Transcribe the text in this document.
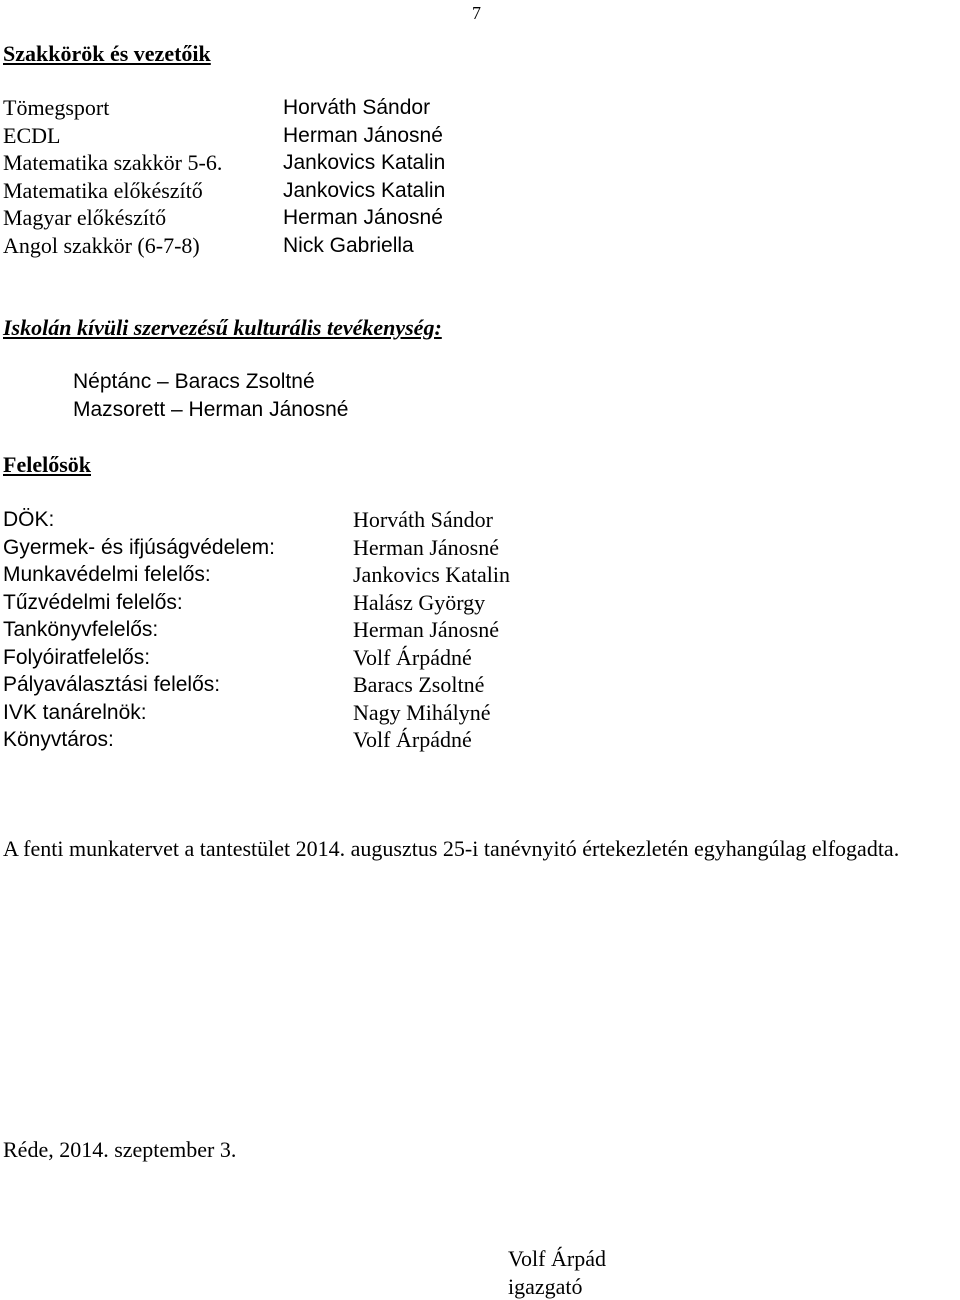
7
Szakkörök és vezetőik
Tömegsport
ECDL
Matematika szakkör 5-6.
Matematika előkészítő
Magyar előkészítő
Angol szakkör (6-7-8)
Horváth Sándor
Herman Jánosné
Jankovics Katalin
Jankovics Katalin
Herman Jánosné
Nick Gabriella
Iskolán kívüli szervezésű kulturális tevékenység:
Néptánc – Baracs Zsoltné
Mazsorett – Herman Jánosné
Felelősök
DÖK:
Gyermek- és ifjúságvédelem:
Munkavédelmi felelős:
Tűzvédelmi felelős:
Tankönyvfelelős:
Folyóiratfelelős:
Pályaválasztási felelős:
IVK tanárelnök:
Könyvtáros:
Horváth Sándor
Herman Jánosné
Jankovics Katalin
Halász György
Herman Jánosné
Volf Árpádné
Baracs Zsoltné
Nagy Mihályné
Volf Árpádné
A fenti munkatervet a tantestület 2014. augusztus 25-i tanévnyitó értekezletén egyhangúlag elfogadta.
Réde, 2014. szeptember 3.
Volf Árpád
igazgató
